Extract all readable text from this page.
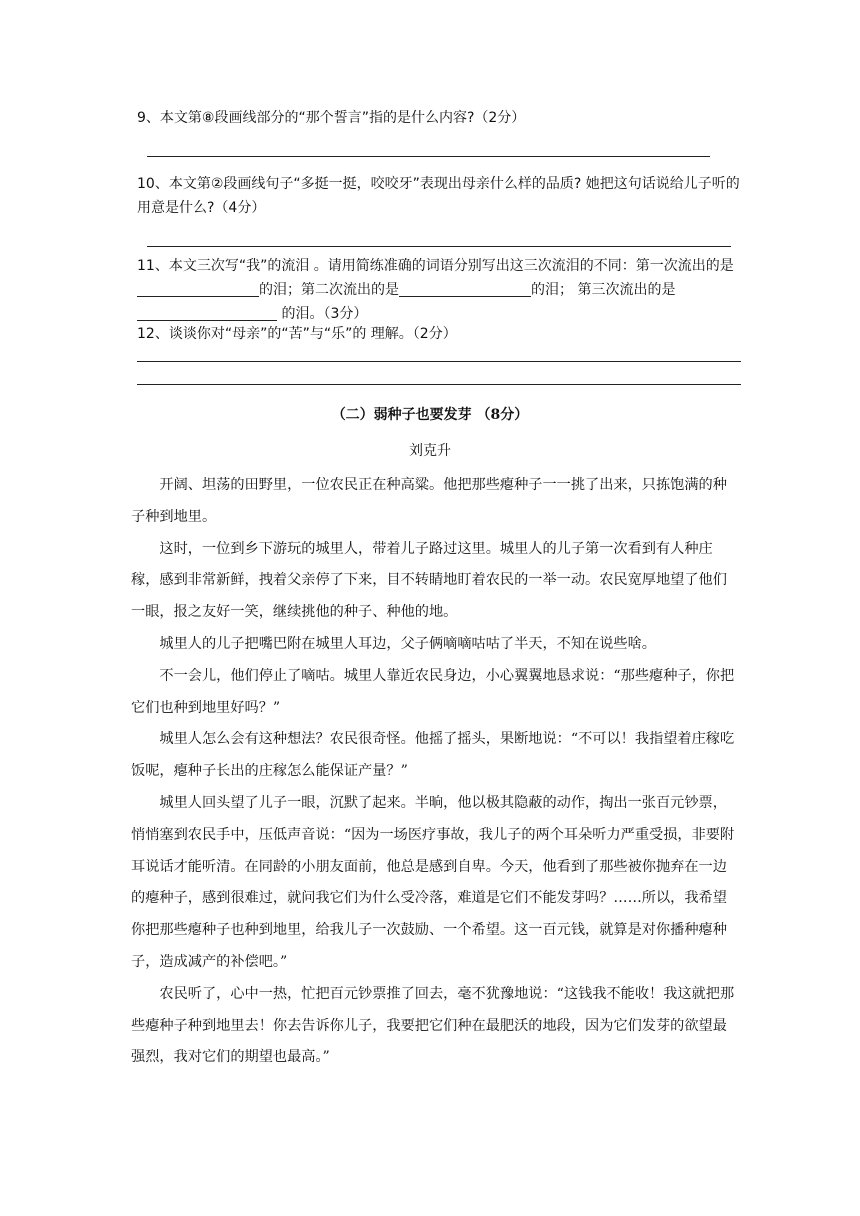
9、本文第⑧段画线部分的“那个誓言”指的是什么内容?（2分）
10、本文第②段画线句子“多挺一挺，咬咬牙”表现出母亲什么样的品质? 她把这句话说给儿子听的用意是什么?（4分）
11、本文三次写“我”的流泪 。请用简练准确的词语分别写出这三次流泪的不同：第一次流出的是的泪；第二次流出的是	的泪； 第三次流出的是 的泪。（3分）
12、谈谈你对“母亲”的“苦”与“乐”的 理解。（2分）
（二）弱种子也要发芽 （8分）
刘克升

开阔、坦荡的田野里，一位农民正在种高粱。他把那些瘪种子一一挑了出来，只拣饱满的种子种到地里。

这时，一位到乡下游玩的城里人，带着儿子路过这里。城里人的儿子第一次看到有人种庄稼，感到非常新鲜，拽着父亲停了下来，目不转睛地盯着农民的一举一动。农民宽厚地望了他们一眼，报之友好一笑，继续挑他的种子、种他的地。

城里人的儿子把嘴巴附在城里人耳边，父子俩嘀嘀咕咕了半天，不知在说些啥。

不一会儿，他们停止了嘀咕。城里人靠近农民身边，小心翼翼地恳求说：“那些瘪种子，你把它们也种到地里好吗？”

城里人怎么会有这种想法？农民很奇怪。他摇了摇头，果断地说：“不可以！我指望着庄稼吃饭呢，瘪种子长出的庄稼怎么能保证产量？”

城里人回头望了儿子一眼，沉默了起来。半晌，他以极其隐蔽的动作，掏出一张百元钞票，悄悄塞到农民手中，压低声音说：“因为一场医疗事故，我儿子的两个耳朵听力严重受损，非要附耳说话才能听清。在同龄的小朋友面前，他总是感到自卑。今天，他看到了那些被你抛弃在一边的瘪种子，感到很难过，就问我它们为什么受冷落，难道是它们不能发芽吗？……所以，我希望你把那些瘪种子也种到地里，给我儿子一次鼓励、一个希望。这一百元钱，就算是对你播种瘪种子，造成减产的补偿吧。”

农民听了，心中一热，忙把百元钞票推了回去，毫不犹豫地说：“这钱我不能收！我这就把那些瘪种子种到地里去！你去告诉你儿子，我要把它们种在最肥沃的地段，因为它们发芽的欲望最强烈，我对它们的期望也最高。”
